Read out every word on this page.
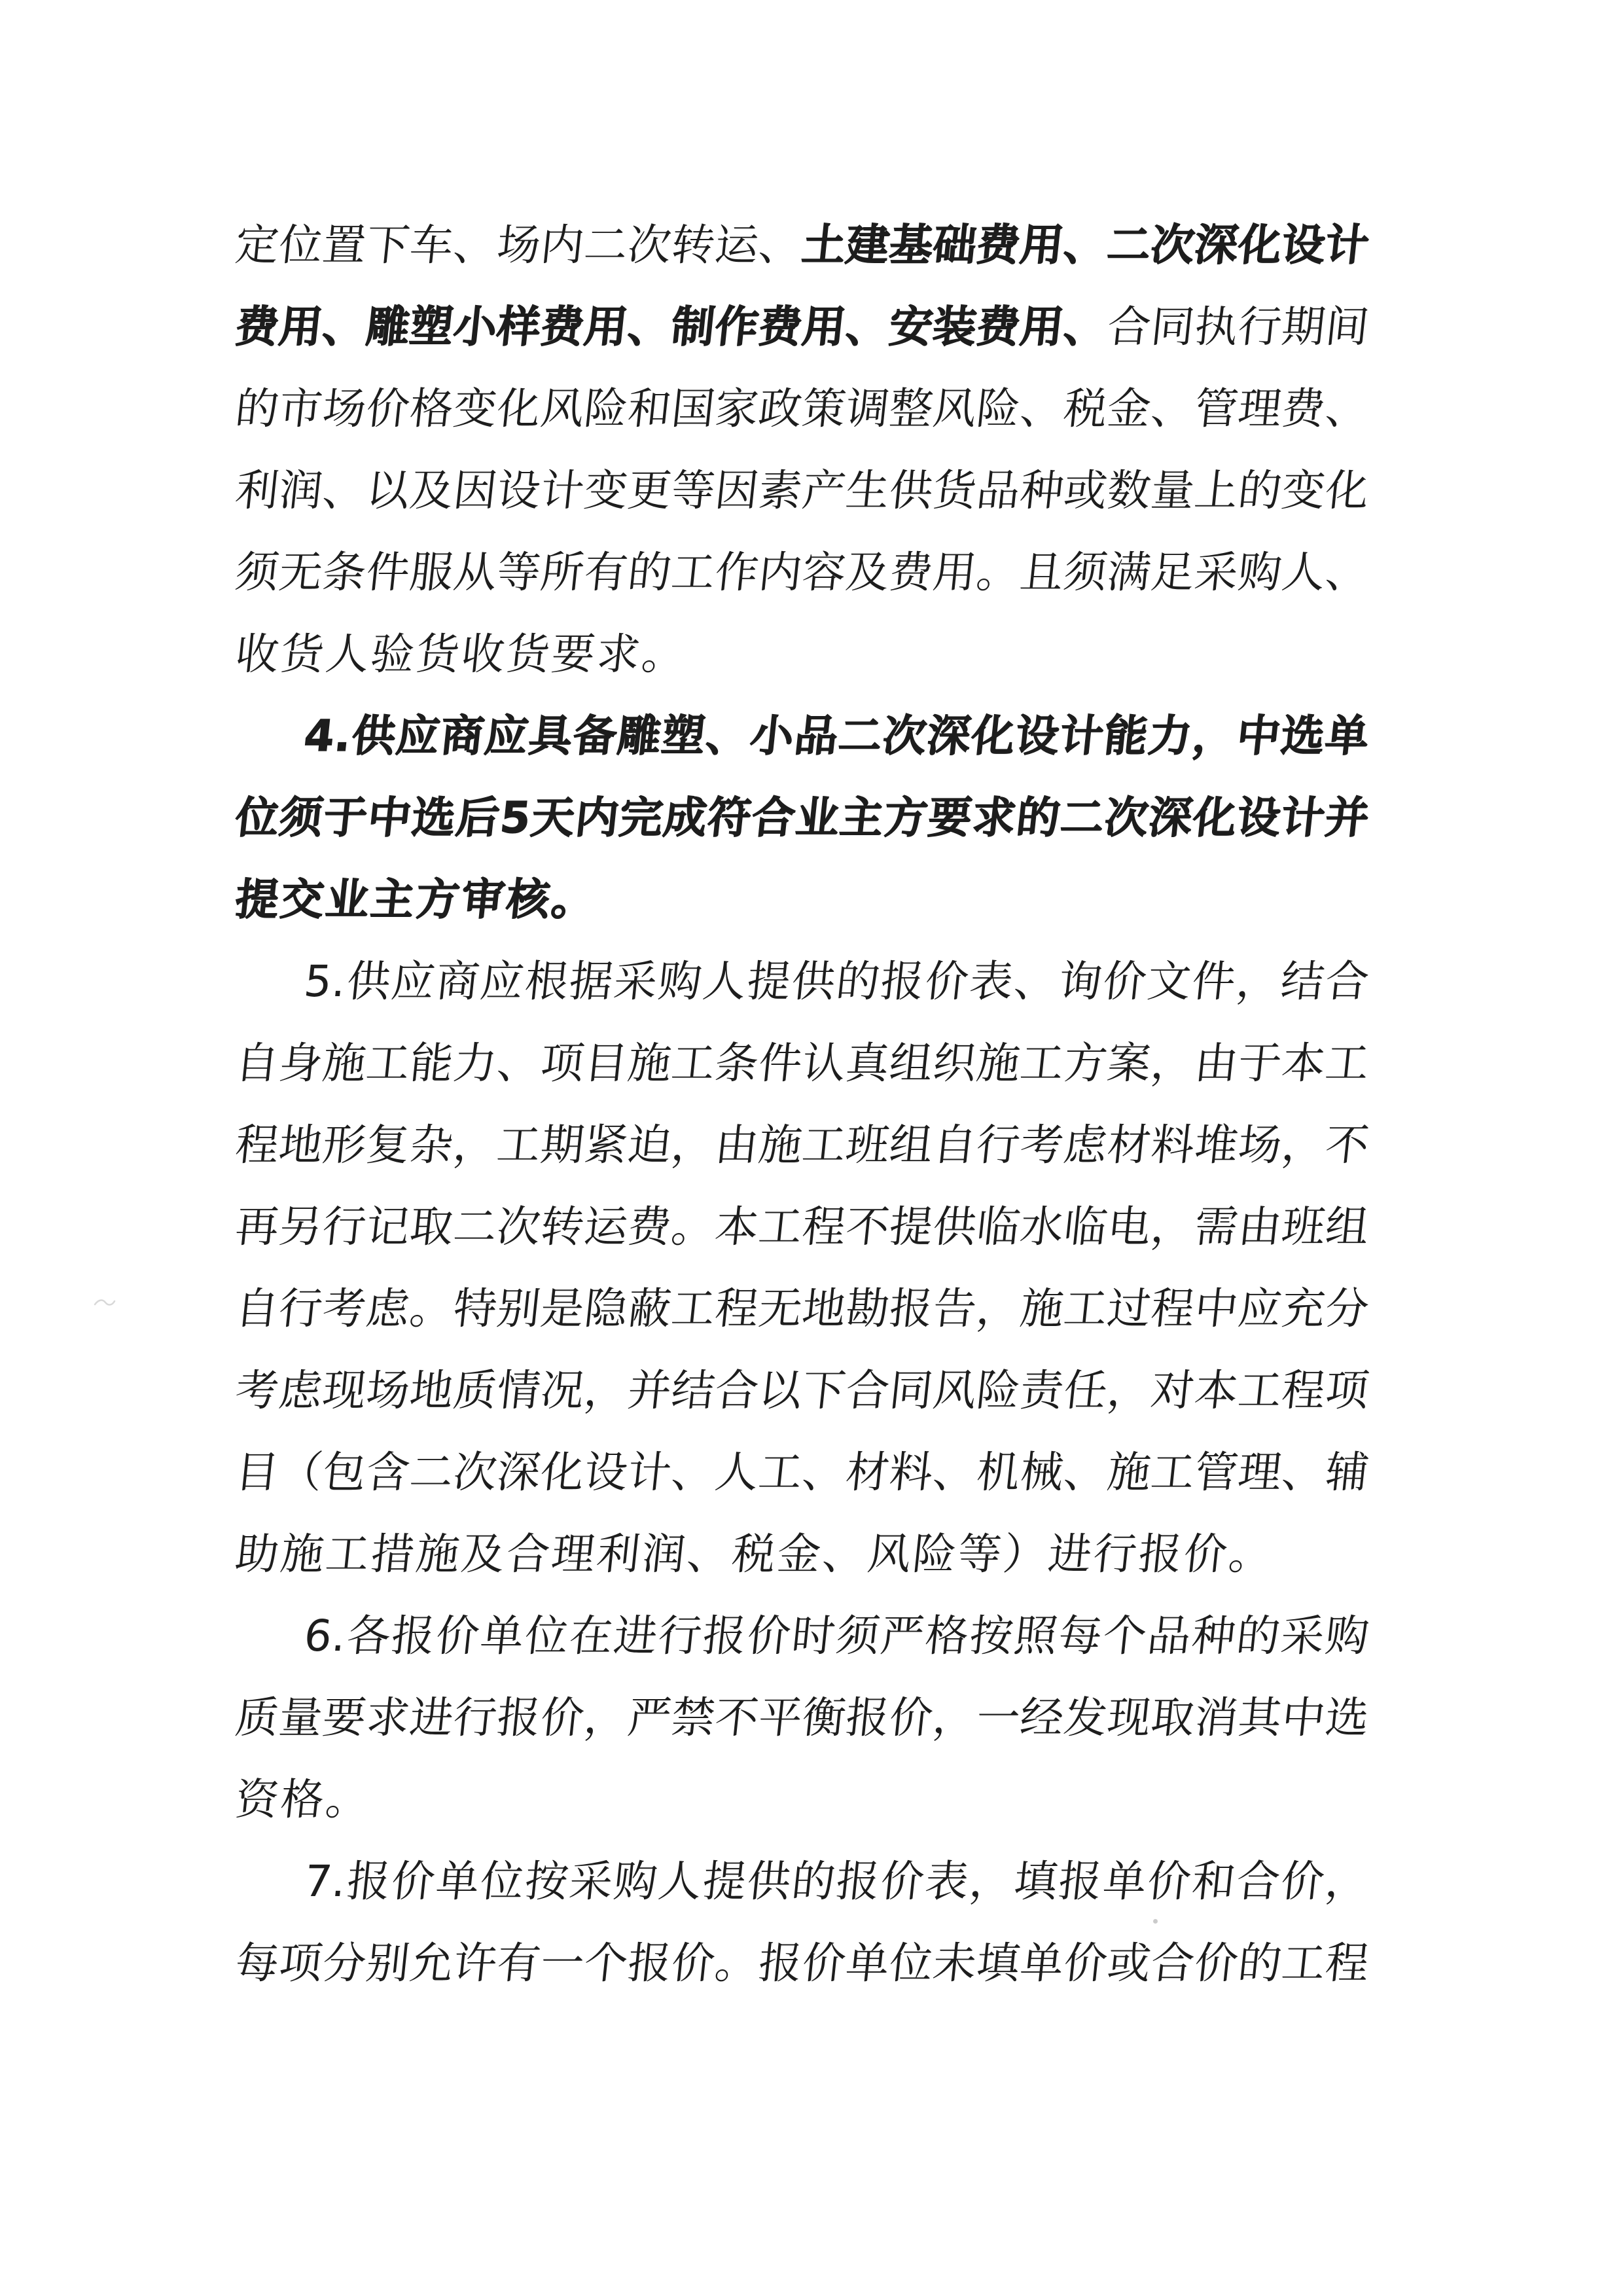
定位置下车、场内二次转运、土建基础费用、二次深化设计
费用、雕塑小样费用、制作费用、安装费用、合同执行期间
的市场价格变化风险和国家政策调整风险、税金、管理费、
利润、以及因设计变更等因素产生供货品种或数量上的变化
须无条件服从等所有的工作内容及费用。且须满足采购人、
收货人验货收货要求。
4.供应商应具备雕塑、小品二次深化设计能力，中选单
位须于中选后5天内完成符合业主方要求的二次深化设计并
提交业主方审核。
5.供应商应根据采购人提供的报价表、询价文件，结合
自身施工能力、项目施工条件认真组织施工方案，由于本工
程地形复杂，工期紧迫，由施工班组自行考虑材料堆场，不
再另行记取二次转运费。本工程不提供临水临电，需由班组
自行考虑。特别是隐蔽工程无地勘报告，施工过程中应充分
考虑现场地质情况，并结合以下合同风险责任，对本工程项
目（包含二次深化设计、人工、材料、机械、施工管理、辅
助施工措施及合理利润、税金、风险等）进行报价。
6.各报价单位在进行报价时须严格按照每个品种的采购
质量要求进行报价，严禁不平衡报价，一经发现取消其中选
资格。
7.报价单位按采购人提供的报价表，填报单价和合价，
每项分别允许有一个报价。报价单位未填单价或合价的工程
